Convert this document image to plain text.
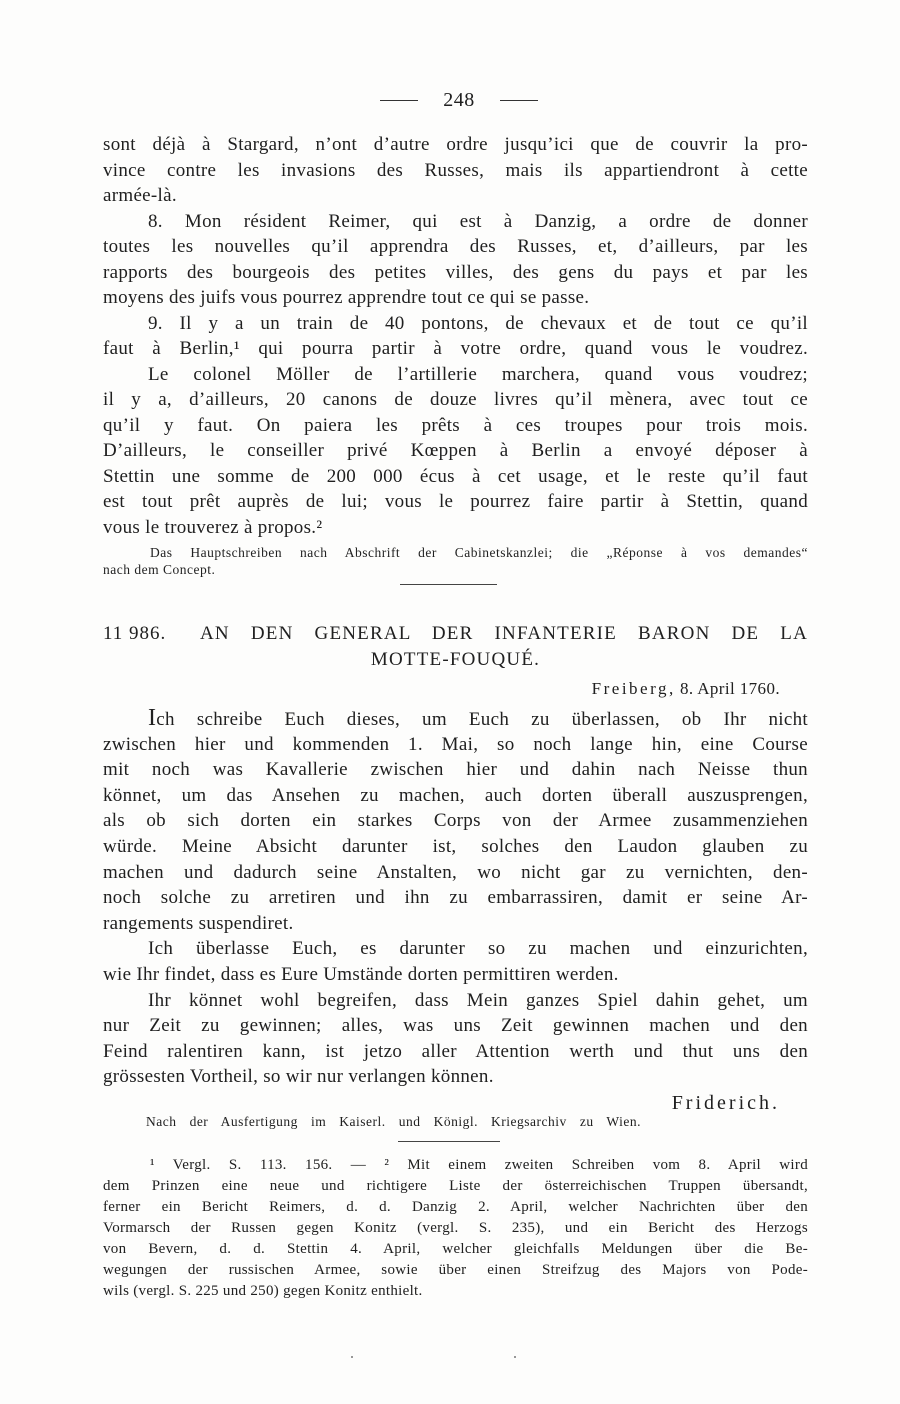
248
sont déjà à Stargard, n’ont d’autre ordre jusqu’ici que de couvrir la pro-
vince contre les invasions des Russes, mais ils appartiendront à cette
armée-là.
8. Mon résident Reimer, qui est à Danzig, a ordre de donner
toutes les nouvelles qu’il apprendra des Russes, et, d’ailleurs, par les
rapports des bourgeois des petites villes, des gens du pays et par les
moyens des juifs vous pourrez apprendre tout ce qui se passe.
9. Il y a un train de 40 pontons, de chevaux et de tout ce qu’il
faut à Berlin,¹ qui pourra partir à votre ordre, quand vous le voudrez.
Le colonel Möller de l’artillerie marchera, quand vous voudrez;
il y a, d’ailleurs, 20 canons de douze livres qu’il mènera, avec tout ce
qu’il y faut. On paiera les prêts à ces troupes pour trois mois.
D’ailleurs, le conseiller privé Kœppen à Berlin a envoyé déposer à
Stettin une somme de 200 000 écus à cet usage, et le reste qu’il faut
est tout prêt auprès de lui; vous le pourrez faire partir à Stettin, quand
vous le trouverez à propos.²
Das Hauptschreiben nach Abschrift der Cabinetskanzlei; die „Réponse à vos demandes“
nach dem Concept.
11 986. AN DEN GENERAL DER INFANTERIE BARON DE LA
MOTTE-FOUQUÉ.
Freiberg, 8. April 1760.
Ich schreibe Euch dieses, um Euch zu überlassen, ob Ihr nicht
zwischen hier und kommenden 1. Mai, so noch lange hin, eine Course
mit noch was Kavallerie zwischen hier und dahin nach Neisse thun
könnet, um das Ansehen zu machen, auch dorten überall auszusprengen,
als ob sich dorten ein starkes Corps von der Armee zusammenziehen
würde. Meine Absicht darunter ist, solches den Laudon glauben zu
machen und dadurch seine Anstalten, wo nicht gar zu vernichten, den-
noch solche zu arretiren und ihn zu embarrassiren, damit er seine Ar-
rangements suspendiret.
Ich überlasse Euch, es darunter so zu machen und einzurichten,
wie Ihr findet, dass es Eure Umstände dorten permittiren werden.
Ihr könnet wohl begreifen, dass Mein ganzes Spiel dahin gehet, um
nur Zeit zu gewinnen; alles, was uns Zeit gewinnen machen und den
Feind ralentiren kann, ist jetzo aller Attention werth und thut uns den
grössesten Vortheil, so wir nur verlangen können.
Friderich.
Nach der Ausfertigung im Kaiserl. und Königl. Kriegsarchiv zu Wien.
¹ Vergl. S. 113. 156. — ² Mit einem zweiten Schreiben vom 8. April wird
dem Prinzen eine neue und richtigere Liste der österreichischen Truppen übersandt,
ferner ein Bericht Reimers, d. d. Danzig 2. April, welcher Nachrichten über den
Vormarsch der Russen gegen Konitz (vergl. S. 235), und ein Bericht des Herzogs
von Bevern, d. d. Stettin 4. April, welcher gleichfalls Meldungen über die Be-
wegungen der russischen Armee, sowie über einen Streifzug des Majors von Pode-
wils (vergl. S. 225 und 250) gegen Konitz enthielt.
